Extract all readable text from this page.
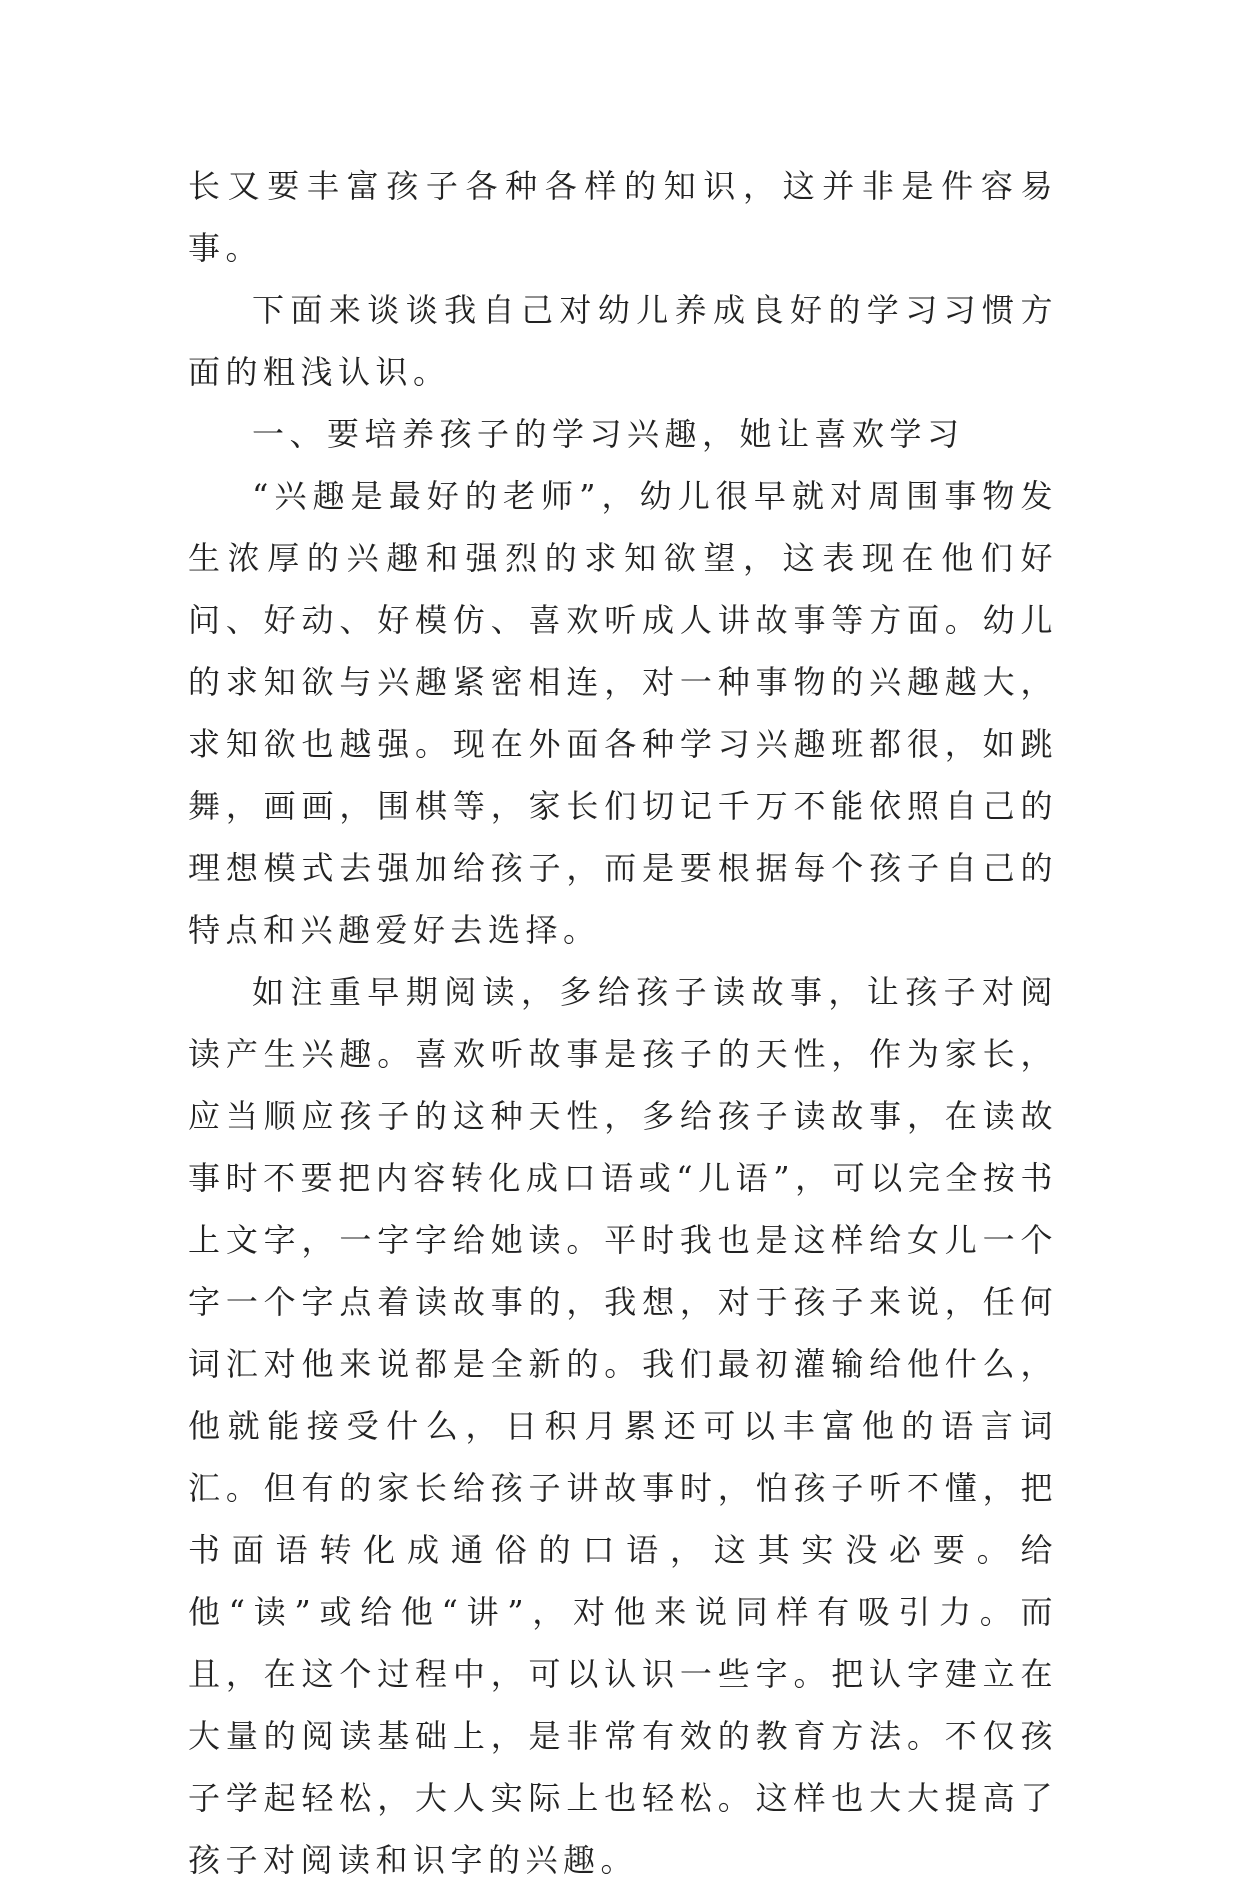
长又要丰富孩子各种各样的知识，这并非是件容易事。

下面来谈谈我自己对幼儿养成良好的学习习惯方面的粗浅认识。

一、要培养孩子的学习兴趣，她让喜欢学习

“兴趣是最好的老师”，幼儿很早就对周围事物发生浓厚的兴趣和强烈的求知欲望，这表现在他们好问、好动、好模仿、喜欢听成人讲故事等方面。幼儿的求知欲与兴趣紧密相连，对一种事物的兴趣越大，求知欲也越强。现在外面各种学习兴趣班都很，如跳舞，画画，围棋等，家长们切记千万不能依照自己的理想模式去强加给孩子，而是要根据每个孩子自己的特点和兴趣爱好去选择。

如注重早期阅读，多给孩子读故事，让孩子对阅读产生兴趣。喜欢听故事是孩子的天性，作为家长，应当顺应孩子的这种天性，多给孩子读故事，在读故事时不要把内容转化成口语或“儿语”，可以完全按书上文字，一字字给她读。平时我也是这样给女儿一个字一个字点着读故事的，我想，对于孩子来说，任何词汇对他来说都是全新的。我们最初灌输给他什么，他就能接受什么，日积月累还可以丰富他的语言词汇。但有的家长给孩子讲故事时，怕孩子听不懂，把书面语转化成通俗的口语，这其实没必要。给他“读”或给他“讲”，对他来说同样有吸引力。而且，在这个过程中，可以认识一些字。把认字建立在大量的阅读基础上，是非常有效的教育方法。不仅孩子学起轻松，大人实际上也轻松。这样也大大提高了孩子对阅读和识字的兴趣。
